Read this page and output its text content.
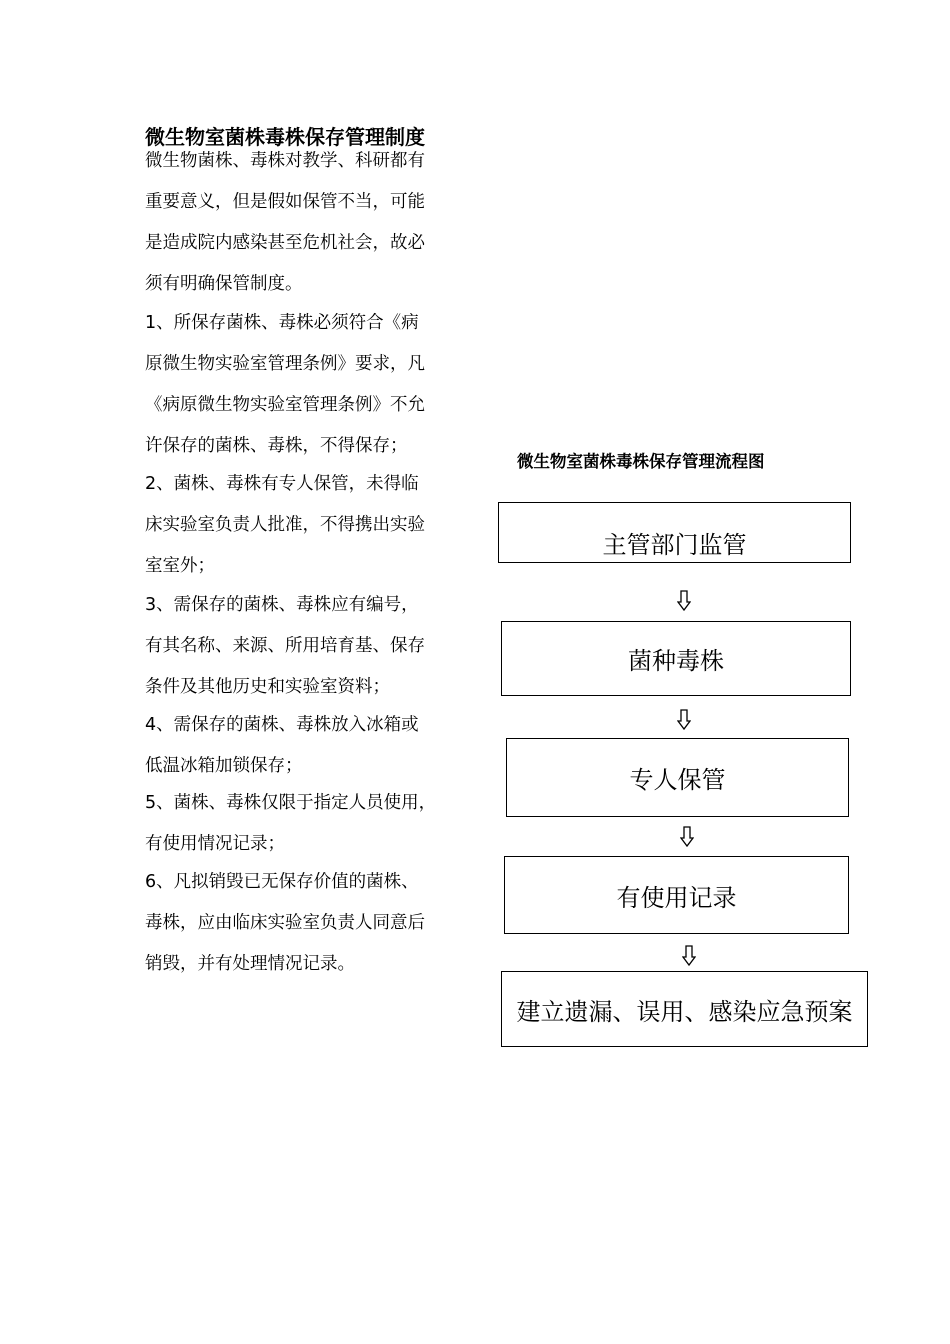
微生物室菌株毒株保存管理制度
微生物菌株、毒株对教学、科研都有
重要意义，但是假如保管不当，可能
是造成院内感染甚至危机社会，故必
须有明确保管制度。
1、所保存菌株、毒株必须符合《病
原微生物实验室管理条例》要求，凡
《病原微生物实验室管理条例》不允
许保存的菌株、毒株，不得保存；
2、菌株、毒株有专人保管，未得临
床实验室负责人批准，不得携出实验
室室外；
3、需保存的菌株、毒株应有编号，
有其名称、来源、所用培育基、保存
条件及其他历史和实验室资料；
4、需保存的菌株、毒株放入冰箱或
低温冰箱加锁保存；
5、菌株、毒株仅限于指定人员使用，
有使用情况记录；
6、凡拟销毁已无保存价值的菌株、
毒株，应由临床实验室负责人同意后
销毁，并有处理情况记录。
微生物室菌株毒株保存管理流程图
主管部门监管
菌种毒株
专人保管
有使用记录
建立遗漏、误用、感染应急预案
